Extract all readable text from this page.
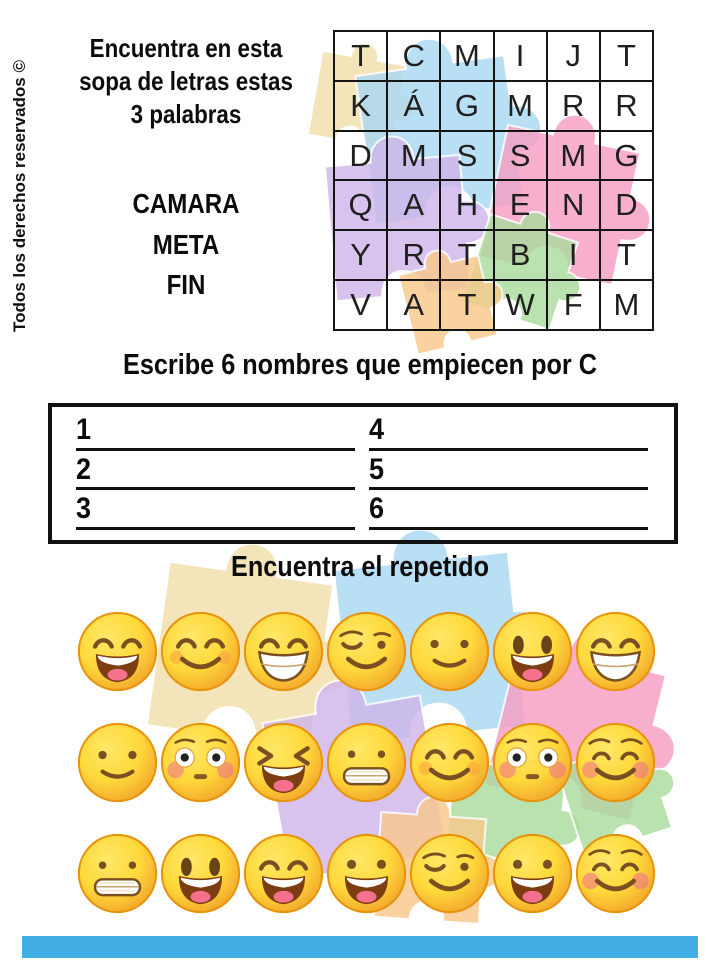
Todos los derechos reservados ©
Encuentra en esta
sopa de letras estas
3 palabras
CAMARA
META
FIN
T	C M	I	J	T
K	Á G M R R
D M S	S M G
Q A	H	E	N D
Y	R	T	B	I	T
V	A	T W F M
Escribe 6 nombres que empiecen por C
1	4
2	5
3	6
Encuentra el repetido
